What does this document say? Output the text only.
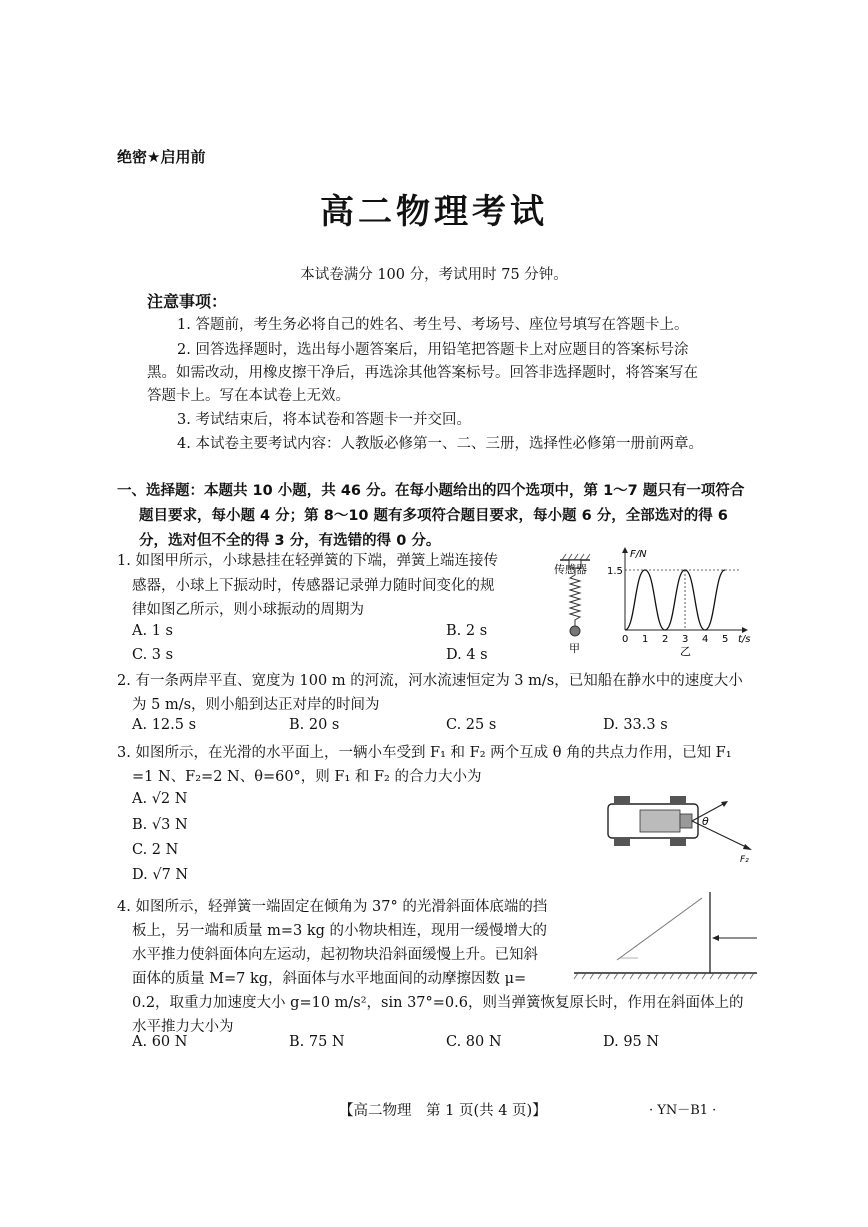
绝密★启用前
高二物理考试
本试卷满分 100 分，考试用时 75 分钟。
注意事项：
1. 答题前，考生务必将自己的姓名、考生号、考场号、座位号填写在答题卡上。
2. 回答选择题时，选出每小题答案后，用铅笔把答题卡上对应题目的答案标号涂
黑。如需改动，用橡皮擦干净后，再选涂其他答案标号。回答非选择题时，将答案写在
答题卡上。写在本试卷上无效。
3. 考试结束后，将本试卷和答题卡一并交回。
4. 本试卷主要考试内容：人教版必修第一、二、三册，选择性必修第一册前两章。
一、选择题：本题共 10 小题，共 46 分。在每小题给出的四个选项中，第 1～7 题只有一项符合题目要求，每小题 4 分；第 8～10 题有多项符合题目要求，每小题 6 分，全部选对的得 6 分，选对但不全的得 3 分，有选错的得 0 分。
1. 如图甲所示，小球悬挂在轻弹簧的下端，弹簧上端连接传
感器，小球上下振动时，传感器记录弹力随时间变化的规
律如图乙所示，则小球振动的周期为
A. 1 s	B. 2 s
C. 3 s	D. 4 s
传感器
甲
F/N
t/s
1.5
0 1 2 3 4 5
乙
2. 有一条两岸平直、宽度为 100 m 的河流，河水流速恒定为 3 m/s，已知船在静水中的速度大小
为 5 m/s，则小船到达正对岸的时间为
A. 12.5 s	B. 20 s	C. 25 s	D. 33.3 s
3. 如图所示，在光滑的水平面上，一辆小车受到 F₁ 和 F₂ 两个互成 θ 角的共点力作用，已知 F₁
=1 N、F₂=2 N、θ=60°，则 F₁ 和 F₂ 的合力大小为
A. √2 N
B. √3 N
C. 2 N
D. √7 N
θ
F₂
4. 如图所示，轻弹簧一端固定在倾角为 37° 的光滑斜面体底端的挡
板上，另一端和质量 m=3 kg 的小物块相连，现用一缓慢增大的
水平推力使斜面体向左运动，起初物块沿斜面缓慢上升。已知斜
面体的质量 M=7 kg，斜面体与水平地面间的动摩擦因数 μ=
0.2，取重力加速度大小 g=10 m/s²，sin 37°=0.6，则当弹簧恢复原长时，作用在斜面体上的
水平推力大小为
A. 60 N	B. 75 N	C. 80 N	D. 95 N
【高二物理　第 1 页(共 4 页)】	· YN－B1 ·
